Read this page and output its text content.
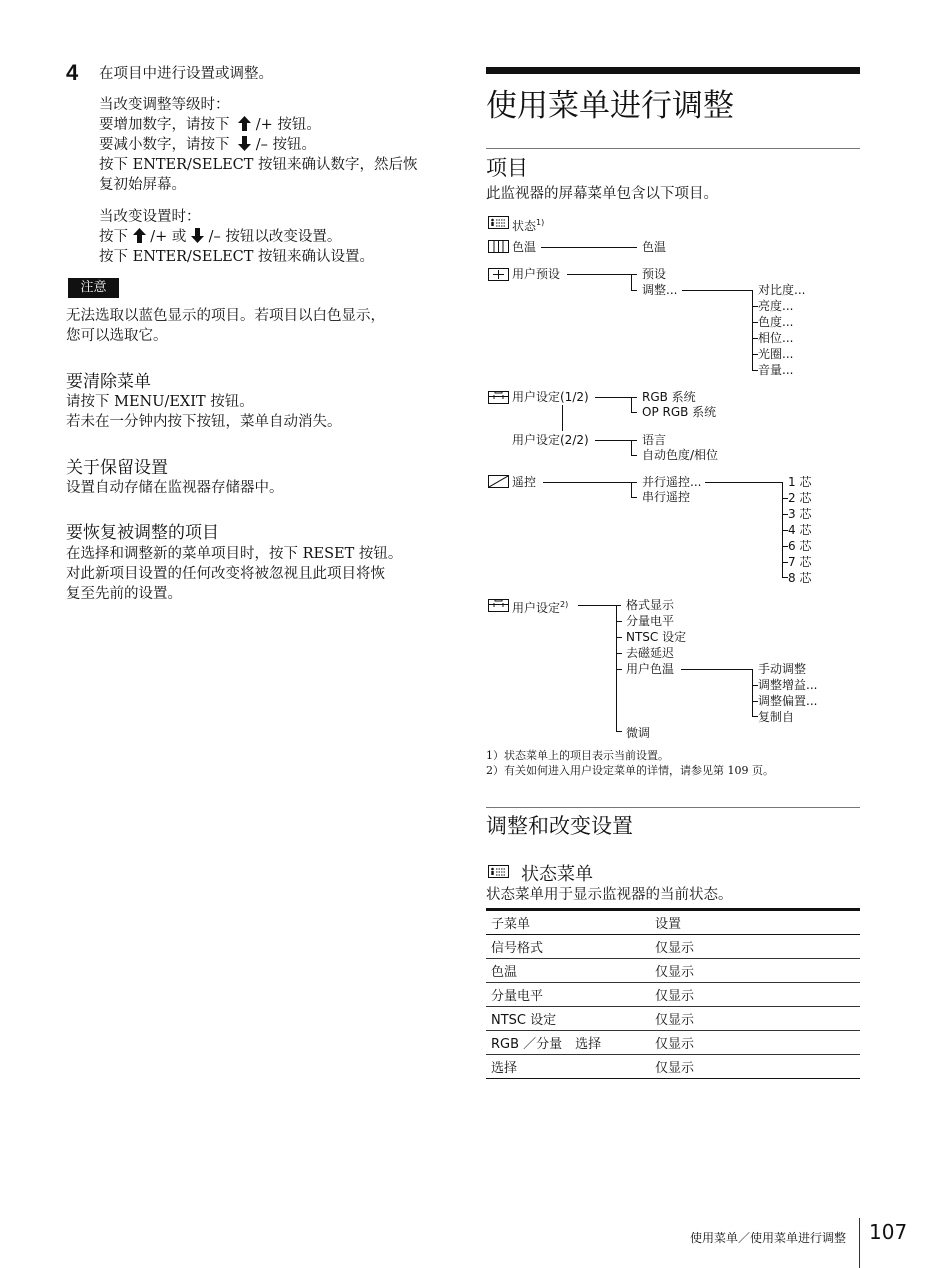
4 在项目中进行设置或调整。
当改变调整等级时：
要增加数字，请按下 /+ 按钮。
要减小数字，请按下 /– 按钮。
按下 ENTER/SELECT 按钮来确认数字，然后恢
复初始屏幕。
当改变设置时：
按下 /+ 或 /– 按钮以改变设置。
按下 ENTER/SELECT 按钮来确认设置。
注意
无法选取以蓝色显示的项目。若项目以白色显示，
您可以选取它。
要清除菜单
请按下 MENU/EXIT 按钮。
若未在一分钟内按下按钮，菜单自动消失。
关于保留设置
设置自动存储在监视器存储器中。
要恢复被调整的项目
在选择和调整新的菜单项目时，按下 RESET 按钮。
对此新项目设置的任何改变将被忽视且此项目将恢
复至先前的设置。
使用菜单进行调整
项目
此监视器的屏幕菜单包含以下项目。
状态$^{1)}$
色温	色温
用户预设	预设
调整...	对比度...
亮度...
色度...
相位...
光圈...
音量...
用户设定(1/2)	RGB 系统
OP RGB 系统
用户设定(2/2)	语言
自动色度/相位
遥控	并行遥控...
串行遥控
1 芯
2 芯
3 芯
4 芯
6 芯
7 芯
8 芯
用户设定$^{2)}$	格式显示
分量电平
NTSC 设定
去磁延迟
用户色温	手动调整
调整增益...
调整偏置...
复制自
微调
1）状态菜单上的项目表示当前设置。
2）有关如何进入用户设定菜单的详情，请参见第 109 页。
调整和改变设置
状态菜单
状态菜单用于显示监视器的当前状态。
子菜单	设置
信号格式	仅显示
色温	仅显示
分量电平	仅显示
NTSC 设定	仅显示
RGB ／分量　选择	仅显示
选择	仅显示
使用菜单／使用菜单进行调整 107
